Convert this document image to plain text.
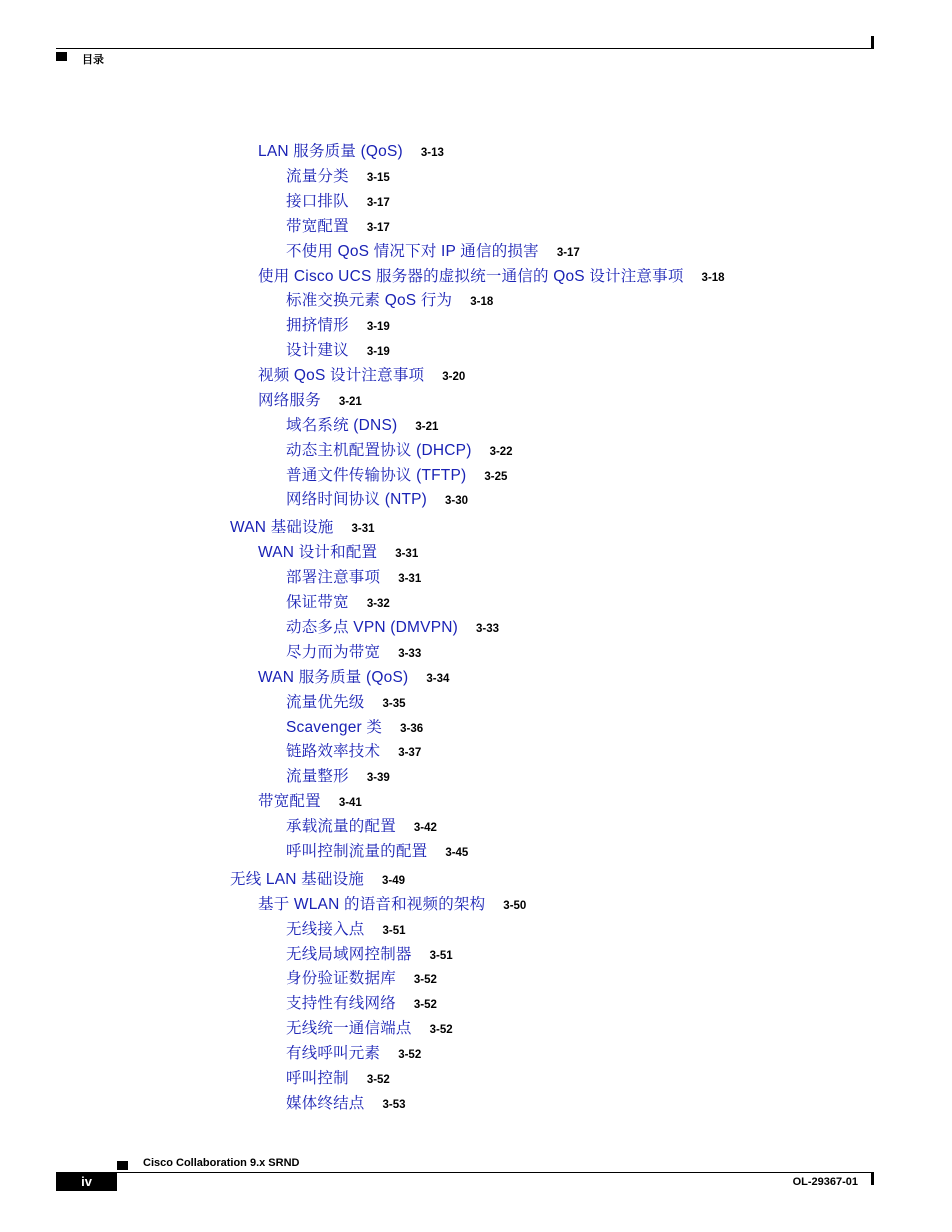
目录
LAN 服务质量 (QoS) 3-13
流量分类 3-15
接口排队 3-17
带宽配置 3-17
不使用 QoS 情况下对 IP 通信的损害 3-17
使用 Cisco UCS 服务器的虚拟统一通信的 QoS 设计注意事项 3-18
标准交换元素 QoS 行为 3-18
拥挤情形 3-19
设计建议 3-19
视频 QoS 设计注意事项 3-20
网络服务 3-21
域名系统 (DNS) 3-21
动态主机配置协议 (DHCP) 3-22
普通文件传输协议 (TFTP) 3-25
网络时间协议 (NTP) 3-30
WAN 基础设施 3-31
WAN 设计和配置 3-31
部署注意事项 3-31
保证带宽 3-32
动态多点 VPN (DMVPN) 3-33
尽力而为带宽 3-33
WAN 服务质量 (QoS) 3-34
流量优先级 3-35
Scavenger 类 3-36
链路效率技术 3-37
流量整形 3-39
带宽配置 3-41
承载流量的配置 3-42
呼叫控制流量的配置 3-45
无线 LAN 基础设施 3-49
基于 WLAN 的语音和视频的架构 3-50
无线接入点 3-51
无线局域网控制器 3-51
身份验证数据库 3-52
支持性有线网络 3-52
无线统一通信端点 3-52
有线呼叫元素 3-52
呼叫控制 3-52
媒体终结点 3-53
Cisco Collaboration 9.x SRND
iv	OL-29367-01
